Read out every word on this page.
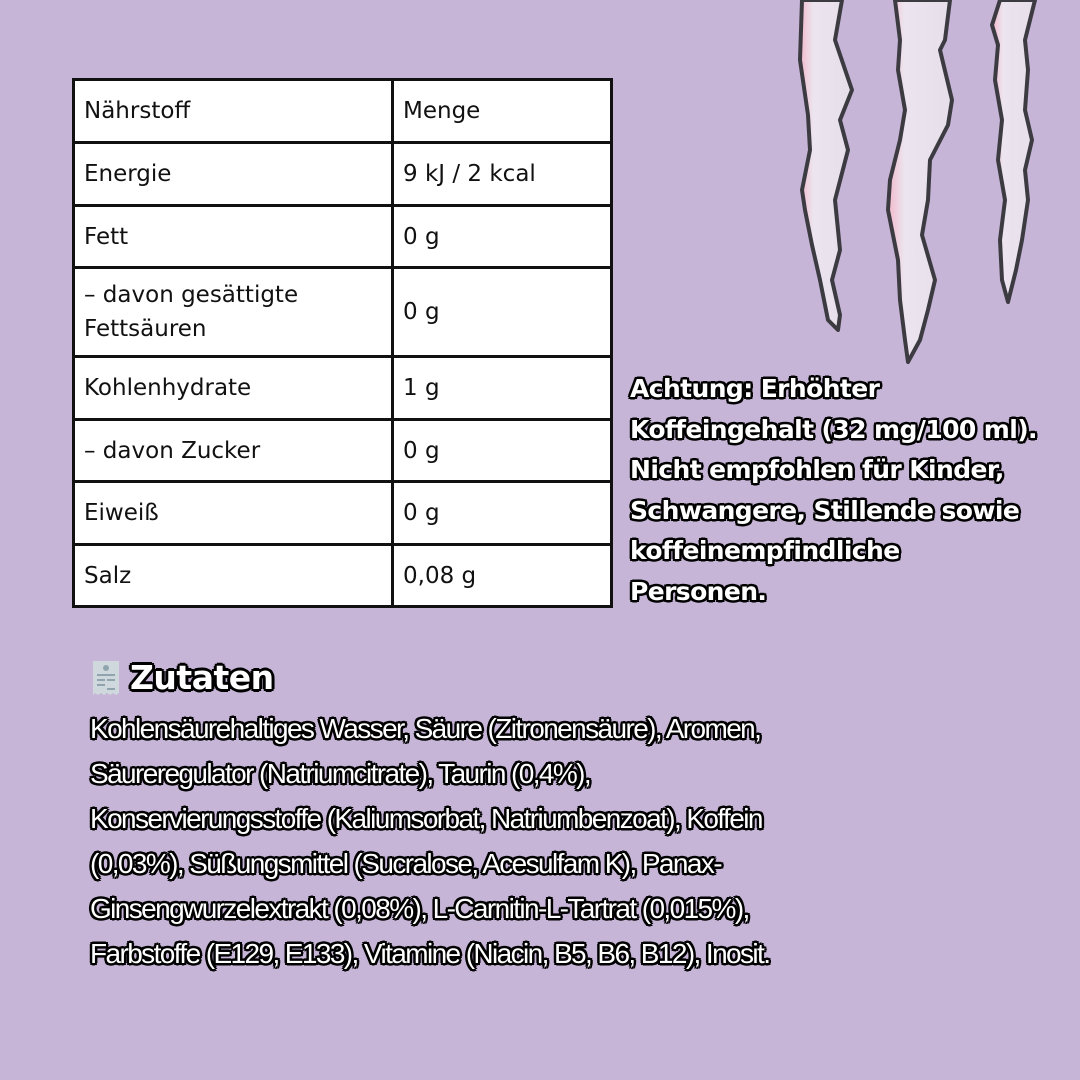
Nährstoff	Menge
Energie	9 kJ / 2 kcal
Fett	0 g
– davon gesättigte Fettsäuren	0 g
Kohlenhydrate	1 g
– davon Zucker	0 g
Eiweiß	0 g
Salz	0,08 g
Achtung: Erhöhter
Koffeingehalt (32 mg/100 ml).
Nicht empfohlen für Kinder,
Schwangere, Stillende sowie
koffeinempfindliche
Personen.
Zutaten
Kohlensäurehaltiges Wasser, Säure (Zitronensäure), Aromen,
Säureregulator (Natriumcitrate), Taurin (0,4%),
Konservierungsstoffe (Kaliumsorbat, Natriumbenzoat), Koffein
(0,03%), Süßungsmittel (Sucralose, Acesulfam K), Panax-
Ginsengwurzelextrakt (0,08%), L-Carnitin-L-Tartrat (0,015%),
Farbstoffe (E129, E133), Vitamine (Niacin, B5, B6, B12), Inosit.
